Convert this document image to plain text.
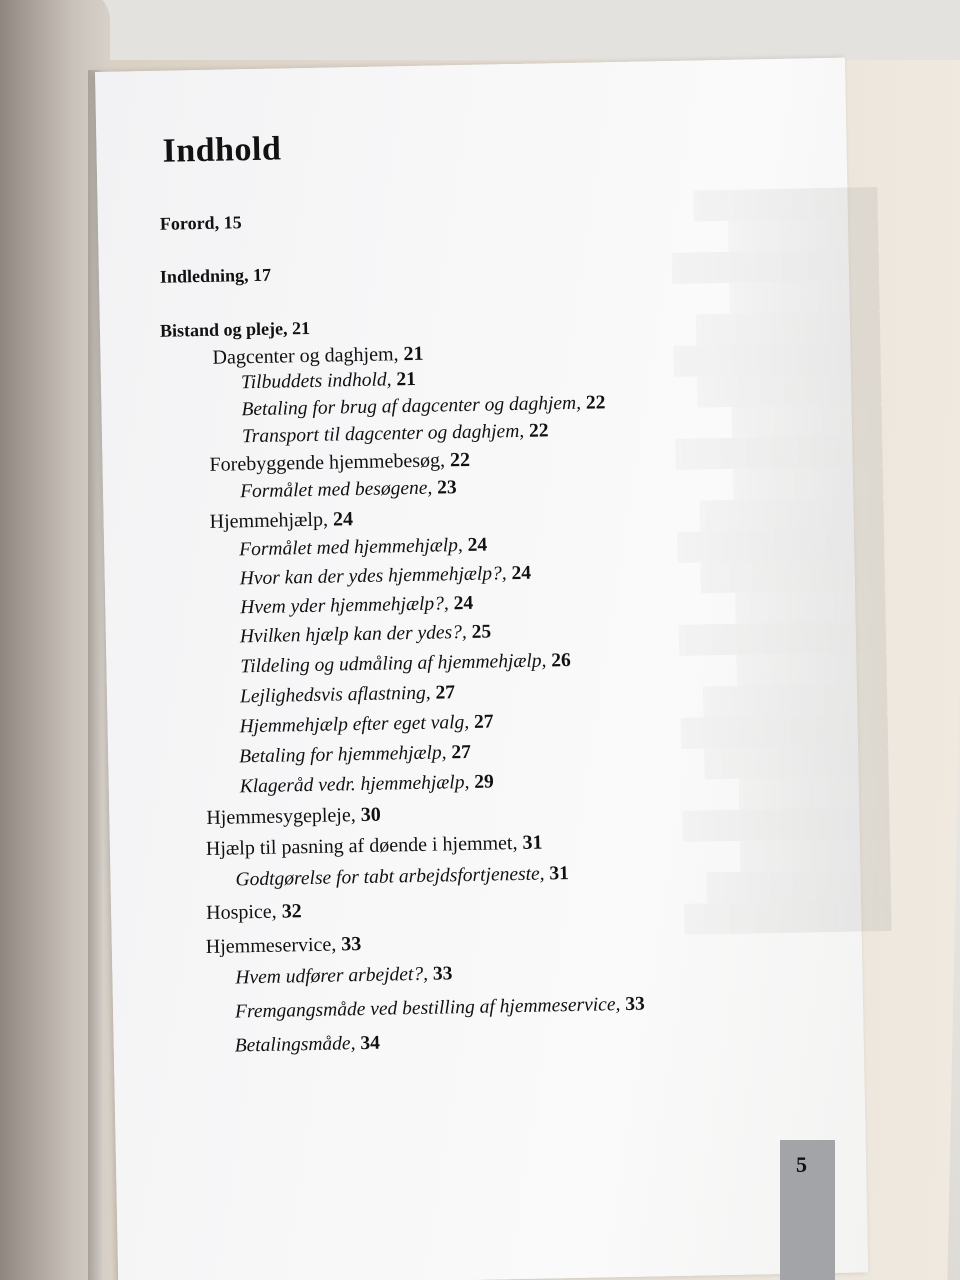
Indhold
Forord, 15
Indledning, 17
Bistand og pleje, 21
Dagcenter og daghjem, 21
Tilbuddets indhold, 21
Betaling for brug af dagcenter og daghjem, 22
Transport til dagcenter og daghjem, 22
Forebyggende hjemmebesøg, 22
Formålet med besøgene, 23
Hjemmehjælp, 24
Formålet med hjemmehjælp, 24
Hvor kan der ydes hjemmehjælp?, 24
Hvem yder hjemmehjælp?, 24
Hvilken hjælp kan der ydes?, 25
Tildeling og udmåling af hjemmehjælp, 26
Lejlighedsvis aflastning, 27
Hjemmehjælp efter eget valg, 27
Betaling for hjemmehjælp, 27
Klageråd vedr. hjemmehjælp, 29
Hjemmesygepleje, 30
Hjælp til pasning af døende i hjemmet, 31
Godtgørelse for tabt arbejdsfortjeneste, 31
Hospice, 32
Hjemmeservice, 33
Hvem udfører arbejdet?, 33
Fremgangsmåde ved bestilling af hjemmeservice, 33
Betalingsmåde, 34
5
